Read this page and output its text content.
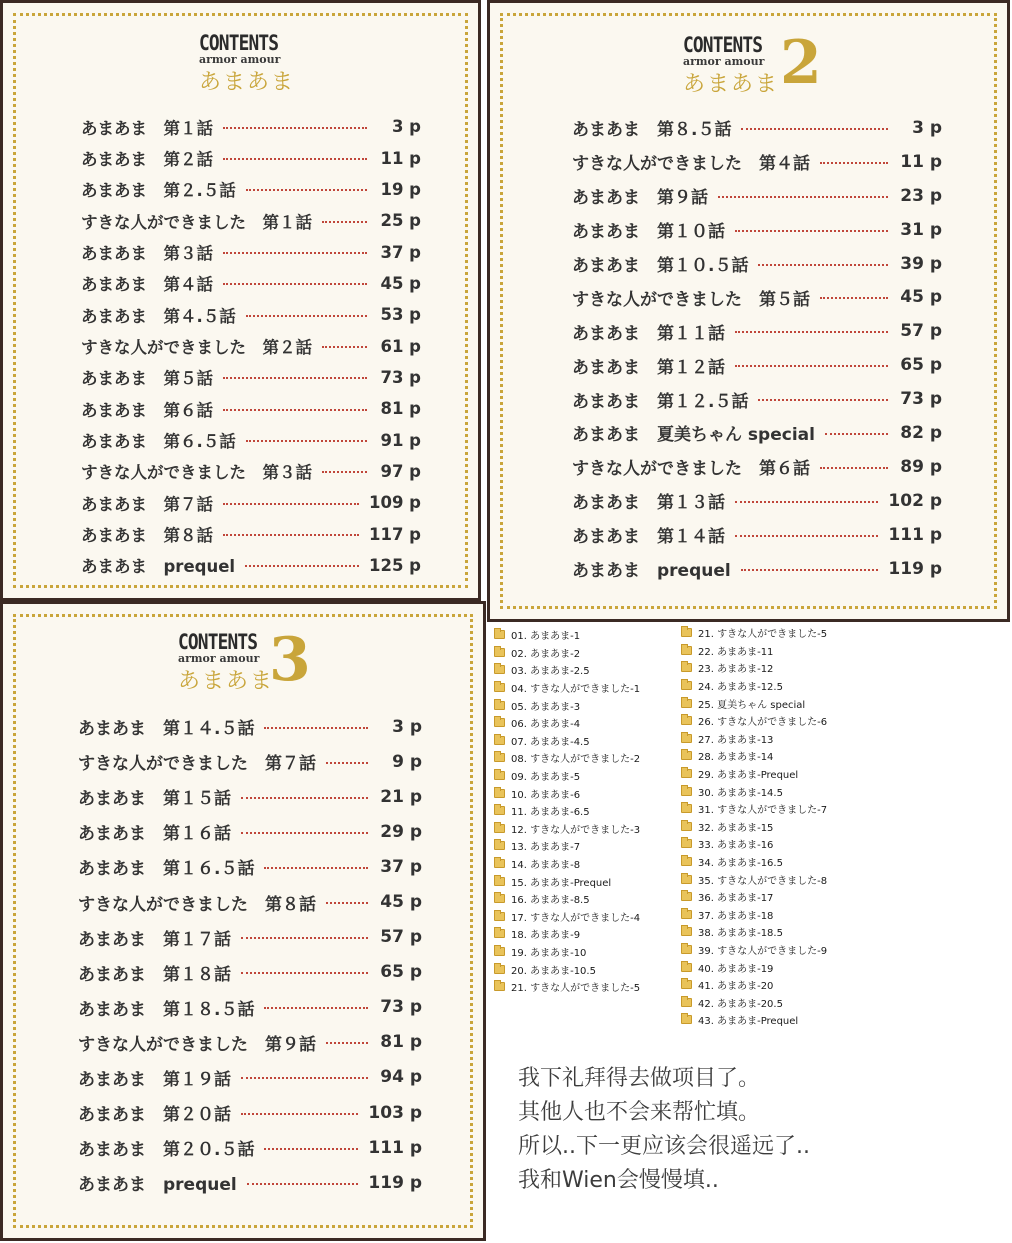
CONTENTS
armor amour
あまあま
あまあま　第１話	3 p
あまあま　第２話	11 p
あまあま　第２.５話	19 p
すきな人ができました　第１話	25 p
あまあま　第３話	37 p
あまあま　第４話	45 p
あまあま　第４.５話	53 p
すきな人ができました　第２話	61 p
あまあま　第５話	73 p
あまあま　第６話	81 p
あまあま　第６.５話	91 p
すきな人ができました　第３話	97 p
あまあま　第７話	109 p
あまあま　第８話	117 p
あまあま　prequel	125 p
CONTENTS
armor amour
あまあま 2
あまあま　第８.５話	3 p
すきな人ができました　第４話	11 p
あまあま　第９話	23 p
あまあま　第１０話	31 p
あまあま　第１０.５話	39 p
すきな人ができました　第５話	45 p
あまあま　第１１話	57 p
あまあま　第１２話	65 p
あまあま　第１２.５話	73 p
あまあま　夏美ちゃん special	82 p
すきな人ができました　第６話	89 p
あまあま　第１３話	102 p
あまあま　第１４話	111 p
あまあま　prequel	119 p
CONTENTS
armor amour
あまあま
3
あまあま　第１４.５話	3 p
すきな人ができました　第７話	9 p
あまあま　第１５話	21 p
あまあま　第１６話	29 p
あまあま　第１６.５話	37 p
すきな人ができました　第８話	45 p
あまあま　第１７話	57 p
あまあま　第１８話	65 p
あまあま　第１８.５話	73 p
すきな人ができました　第９話	81 p
あまあま　第１９話	94 p
あまあま　第２０話	103 p
あまあま　第２０.５話	111 p
あまあま　prequel	119 p
01. あまあま-1
02. あまあま-2
03. あまあま-2.5
04. すきな人ができました-1
05. あまあま-3
06. あまあま-4
07. あまあま-4.5
08. すきな人ができました-2
09. あまあま-5
10. あまあま-6
11. あまあま-6.5
12. すきな人ができました-3
13. あまあま-7
14. あまあま-8
15. あまあま-Prequel
16. あまあま-8.5
17. すきな人ができました-4
18. あまあま-9
19. あまあま-10
20. あまあま-10.5
21. すきな人ができました-5
21. すきな人ができました-5
22. あまあま-11
23. あまあま-12
24. あまあま-12.5
25. 夏美ちゃん special
26. すきな人ができました-6
27. あまあま-13
28. あまあま-14
29. あまあま-Prequel
30. あまあま-14.5
31. すきな人ができました-7
32. あまあま-15
33. あまあま-16
34. あまあま-16.5
35. すきな人ができました-8
36. あまあま-17
37. あまあま-18
38. あまあま-18.5
39. すきな人ができました-9
40. あまあま-19
41. あまあま-20
42. あまあま-20.5
43. あまあま-Prequel
我下礼拜得去做项目了。
其他人也不会来帮忙填。
所以..下一更应该会很遥远了..
我和Wien会慢慢填..
